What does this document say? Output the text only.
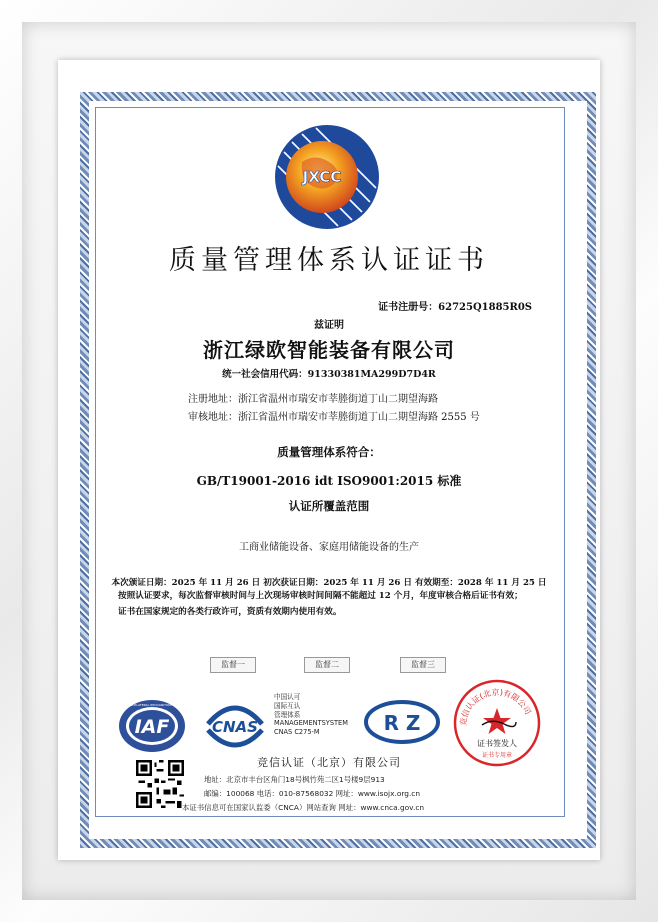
JXCC
质量管理体系认证证书
证书注册号：62725Q1885R0S
兹证明
浙江绿欧智能装备有限公司
统一社会信用代码：91330381MA299D7D4R
注册地址：浙江省温州市瑞安市莘塍街道丁山二期望海路
审核地址：浙江省温州市瑞安市莘塍街道丁山二期望海路 2555 号
质量管理体系符合：
GB/T19001-2016 idt ISO9001:2015 标准
认证所覆盖范围
工商业储能设备、家庭用储能设备的生产
本次颁证日期：2025 年 11 月 26 日 初次获证日期：2025 年 11 月 26 日 有效期至：2028 年 11 月 25 日
按照认证要求，每次监督审核时间与上次现场审核时间间隔不能超过 12 个月，年度审核合格后证书有效；
证书在国家规定的各类行政许可，资质有效期内使用有效。
监督一	监督二	监督三
IAF
MEMBER OF MULTILATERAL RECOGNITION ARRANGEMENT
CNAS
中国认可
国际互认
管理体系
MANAGEMENTSYSTEM
CNAS C275-M	R Z	竞信认证(北京)有限公司
证书签发人
证书专用章
竞信认证（北京）有限公司
地址：北京市丰台区角门18号枫竹苑二区1号楼9层913
邮编：100068 电话：010-87568032 网址：www.isojx.org.cn
本证书信息可在国家认监委（CNCA）网站查询 网址：www.cnca.gov.cn
